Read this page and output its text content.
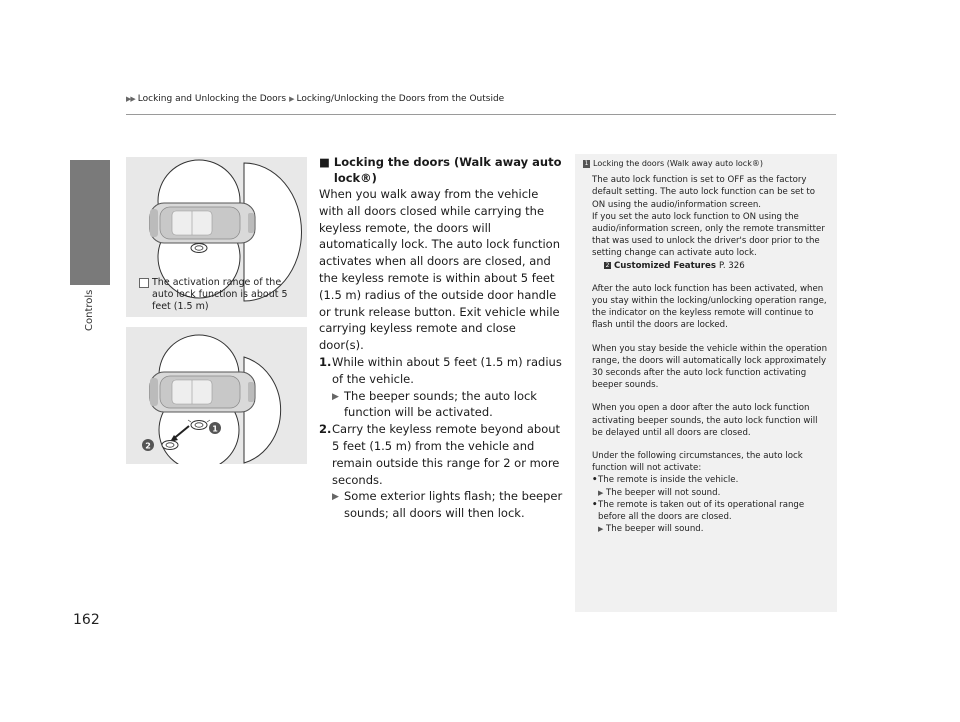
▶▶ Locking and Unlocking the Doors ▶ Locking/Unlocking the Doors from the Outside
Controls
162
The activation range of the auto lock function is about 5 feet (1.5 m)
1
2
■ Locking the doors (Walk away auto lock®)

When you walk away from the vehicle with all doors closed while carrying the keyless remote, the doors will automatically lock. The auto lock function activates when all doors are closed, and the keyless remote is within about 5 feet (1.5 m) radius of the outside door handle or trunk release button. Exit vehicle while carrying keyless remote and close door(s).

1. While within about 5 feet (1.5 m) radius of the vehicle.
▶ The beeper sounds; the auto lock function will be activated.
2. Carry the keyless remote beyond about 5 feet (1.5 m) from the vehicle and remain outside this range for 2 or more seconds.
▶ Some exterior lights flash; the beeper sounds; all doors will then lock.
1 Locking the doors (Walk away auto lock®)

The auto lock function is set to OFF as the factory default setting. The auto lock function can be set to ON using the audio/information screen.
If you set the auto lock function to ON using the audio/information screen, only the remote transmitter that was used to unlock the driver's door prior to the setting change can activate auto lock.

2 Customized Features P. 326

After the auto lock function has been activated, when you stay within the locking/unlocking operation range, the indicator on the keyless remote will continue to flash until the doors are locked.

When you stay beside the vehicle within the operation range, the doors will automatically lock approximately 30 seconds after the auto lock function activating beeper sounds.

When you open a door after the auto lock function activating beeper sounds, the auto lock function will be delayed until all doors are closed.

Under the following circumstances, the auto lock function will not activate:

• The remote is inside the vehicle.
▶ The beeper will not sound.
• The remote is taken out of its operational range before all the doors are closed.
▶ The beeper will sound.
